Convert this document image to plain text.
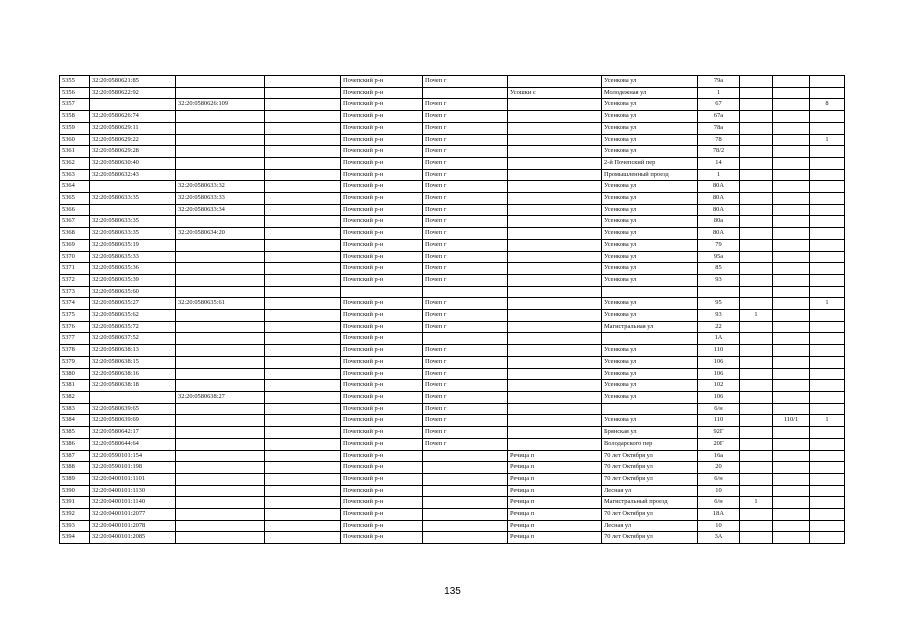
5355	32:20:0580621:85			Почепский р-н	Почеп г		Усенкова ул	79а			
5356	32:20:0580622:92			Почепский р-н		Усошки с	Молодежная ул	1			
5357		32:20:0580626:109		Почепский р-н	Почеп г		Усенкова ул	67			8
5358	32:20:0580626:74			Почепский р-н	Почеп г		Усенкова ул	67а			
5359	32:20:0580629:11			Почепский р-н	Почеп г		Усенкова ул	78а			
5360	32:20:0580629:22			Почепский р-н	Почеп г		Усенкова ул	78			1
5361	32:20:0580629:28			Почепский р-н	Почеп г		Усенкова ул	78/2			
5362	32:20:0580630:40			Почепский р-н	Почеп г		2-й Почепский пер	14			
5363	32:20:0580632:43			Почепский р-н	Почеп г		Промышленный проезд	1			
5364		32:20:0580633:32		Почепский р-н	Почеп г		Усенкова ул	80А			
5365	32:20:0580633:35	32:20:0580633:33		Почепский р-н	Почеп г		Усенкова ул	80А			
5366		32:20:0580633:34		Почепский р-н	Почеп г		Усенкова ул	80А			
5367	32:20:0580633:35			Почепский р-н	Почеп г		Усенкова ул	80а			
5368	32:20:0580633:35	32:20:0580634:20		Почепский р-н	Почеп г		Усенкова ул	80А			
5369	32:20:0580635:19			Почепский р-н	Почеп г		Усенкова ул	79			
5370	32:20:0580635:33			Почепский р-н	Почеп г		Усенкова ул	95а			
5371	32:20:0580635:36			Почепский р-н	Почеп г		Усенкова ул	85			
5372	32:20:0580635:39			Почепский р-н	Почеп г		Усенкова ул	93			
5373	32:20:0580635:60										
5374	32:20:0580635:27	32:20:0580635:61		Почепский р-н	Почеп г		Усенкова ул	95			1
5375	32:20:0580635:62			Почепский р-н	Почеп г		Усенкова ул	93	1		
5376	32:20:0580635:72			Почепский р-н	Почеп г		Магистральная ул	22			
5377	32:20:0580637:52			Почепский р-н				1А			
5378	32:20:0580638:13			Почепский р-н	Почеп г		Усенкова ул	110			
5379	32:20:0580638:15			Почепский р-н	Почеп г		Усенкова ул	106			
5380	32:20:0580638:16			Почепский р-н	Почеп г		Усенкова ул	106			
5381	32:20:0580638:18			Почепский р-н	Почеп г		Усенкова ул	102			
5382		32:20:0580638:27		Почепский р-н	Почеп г		Усенкова ул	106			
5383	32:20:0580639:65			Почепский р-н	Почеп г			6/н			
5384	32:20:0580639:69			Почепский р-н	Почеп г		Усенкова ул	110		110/1	1
5385	32:20:0580642:17			Почепский р-н	Почеп г		Брянская ул	92Г			
5386	32:20:0580644:64			Почепский р-н	Почеп г		Володарского пер	20Г			
5387	32:20:0590101:154			Почепский р-н		Речица п	70 лет Октября ул	16а			
5388	32:20:0590101:198			Почепский р-н		Речица п	70 лет Октября ул	20			
5389	32:20:0400101:1101			Почепский р-н		Речица п	70 лет Октября ул	6/н			
5390	32:20:0400101:1130			Почепский р-н		Речица п	Лесная ул	10			
5391	32:20:0400101:1140			Почепский р-н		Речица п	Магистральный проезд	6/н	1		
5392	32:20:0400101:2077			Почепский р-н		Речица п	70 лет Октября ул	18А			
5393	32:20:0400101:2078			Почепский р-н		Речица п	Лесная ул	10			
5394	32:20:0400101:2085			Почепский р-н		Речица п	70 лет Октября ул	3А			
135
